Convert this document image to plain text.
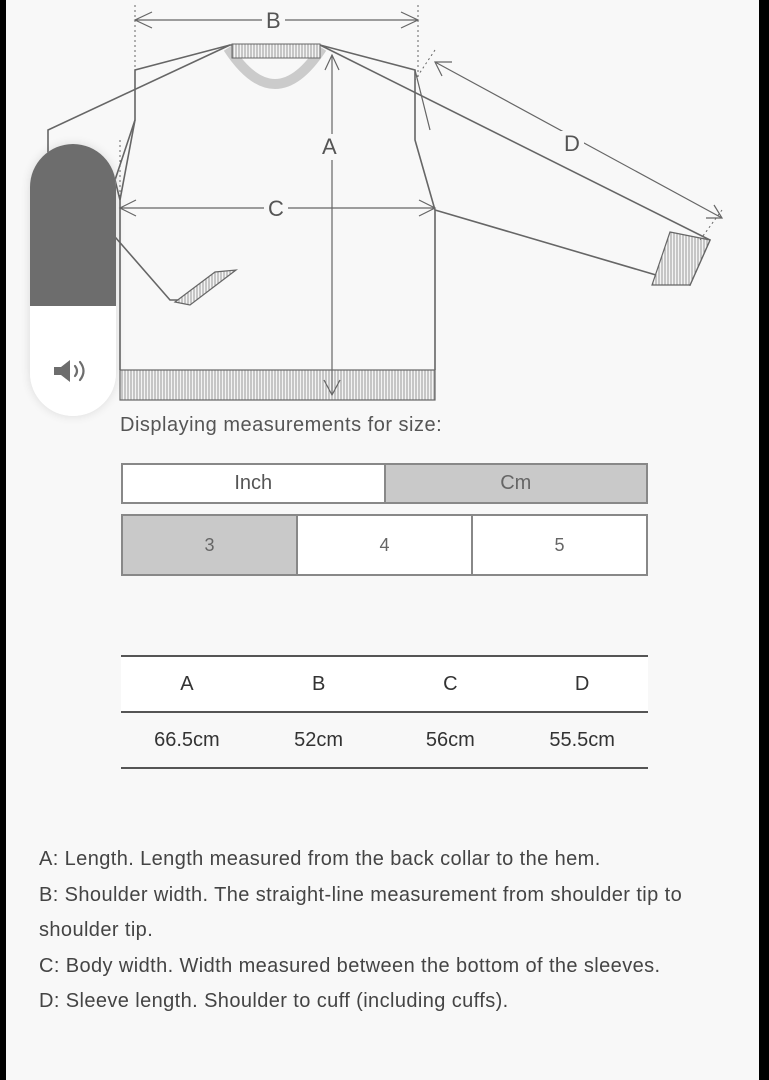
B
A
C
D
Displaying measurements for size:
Inch	Cm
3	4	5
A	B	C	D
66.5cm	52cm	56cm	55.5cm

A: Length. Length measured from the back collar to the hem.

B: Shoulder width. The straight-line measurement from shoulder tip to shoulder tip.

C: Body width. Width measured between the bottom of the sleeves.

D: Sleeve length. Shoulder to cuff (including cuffs).
